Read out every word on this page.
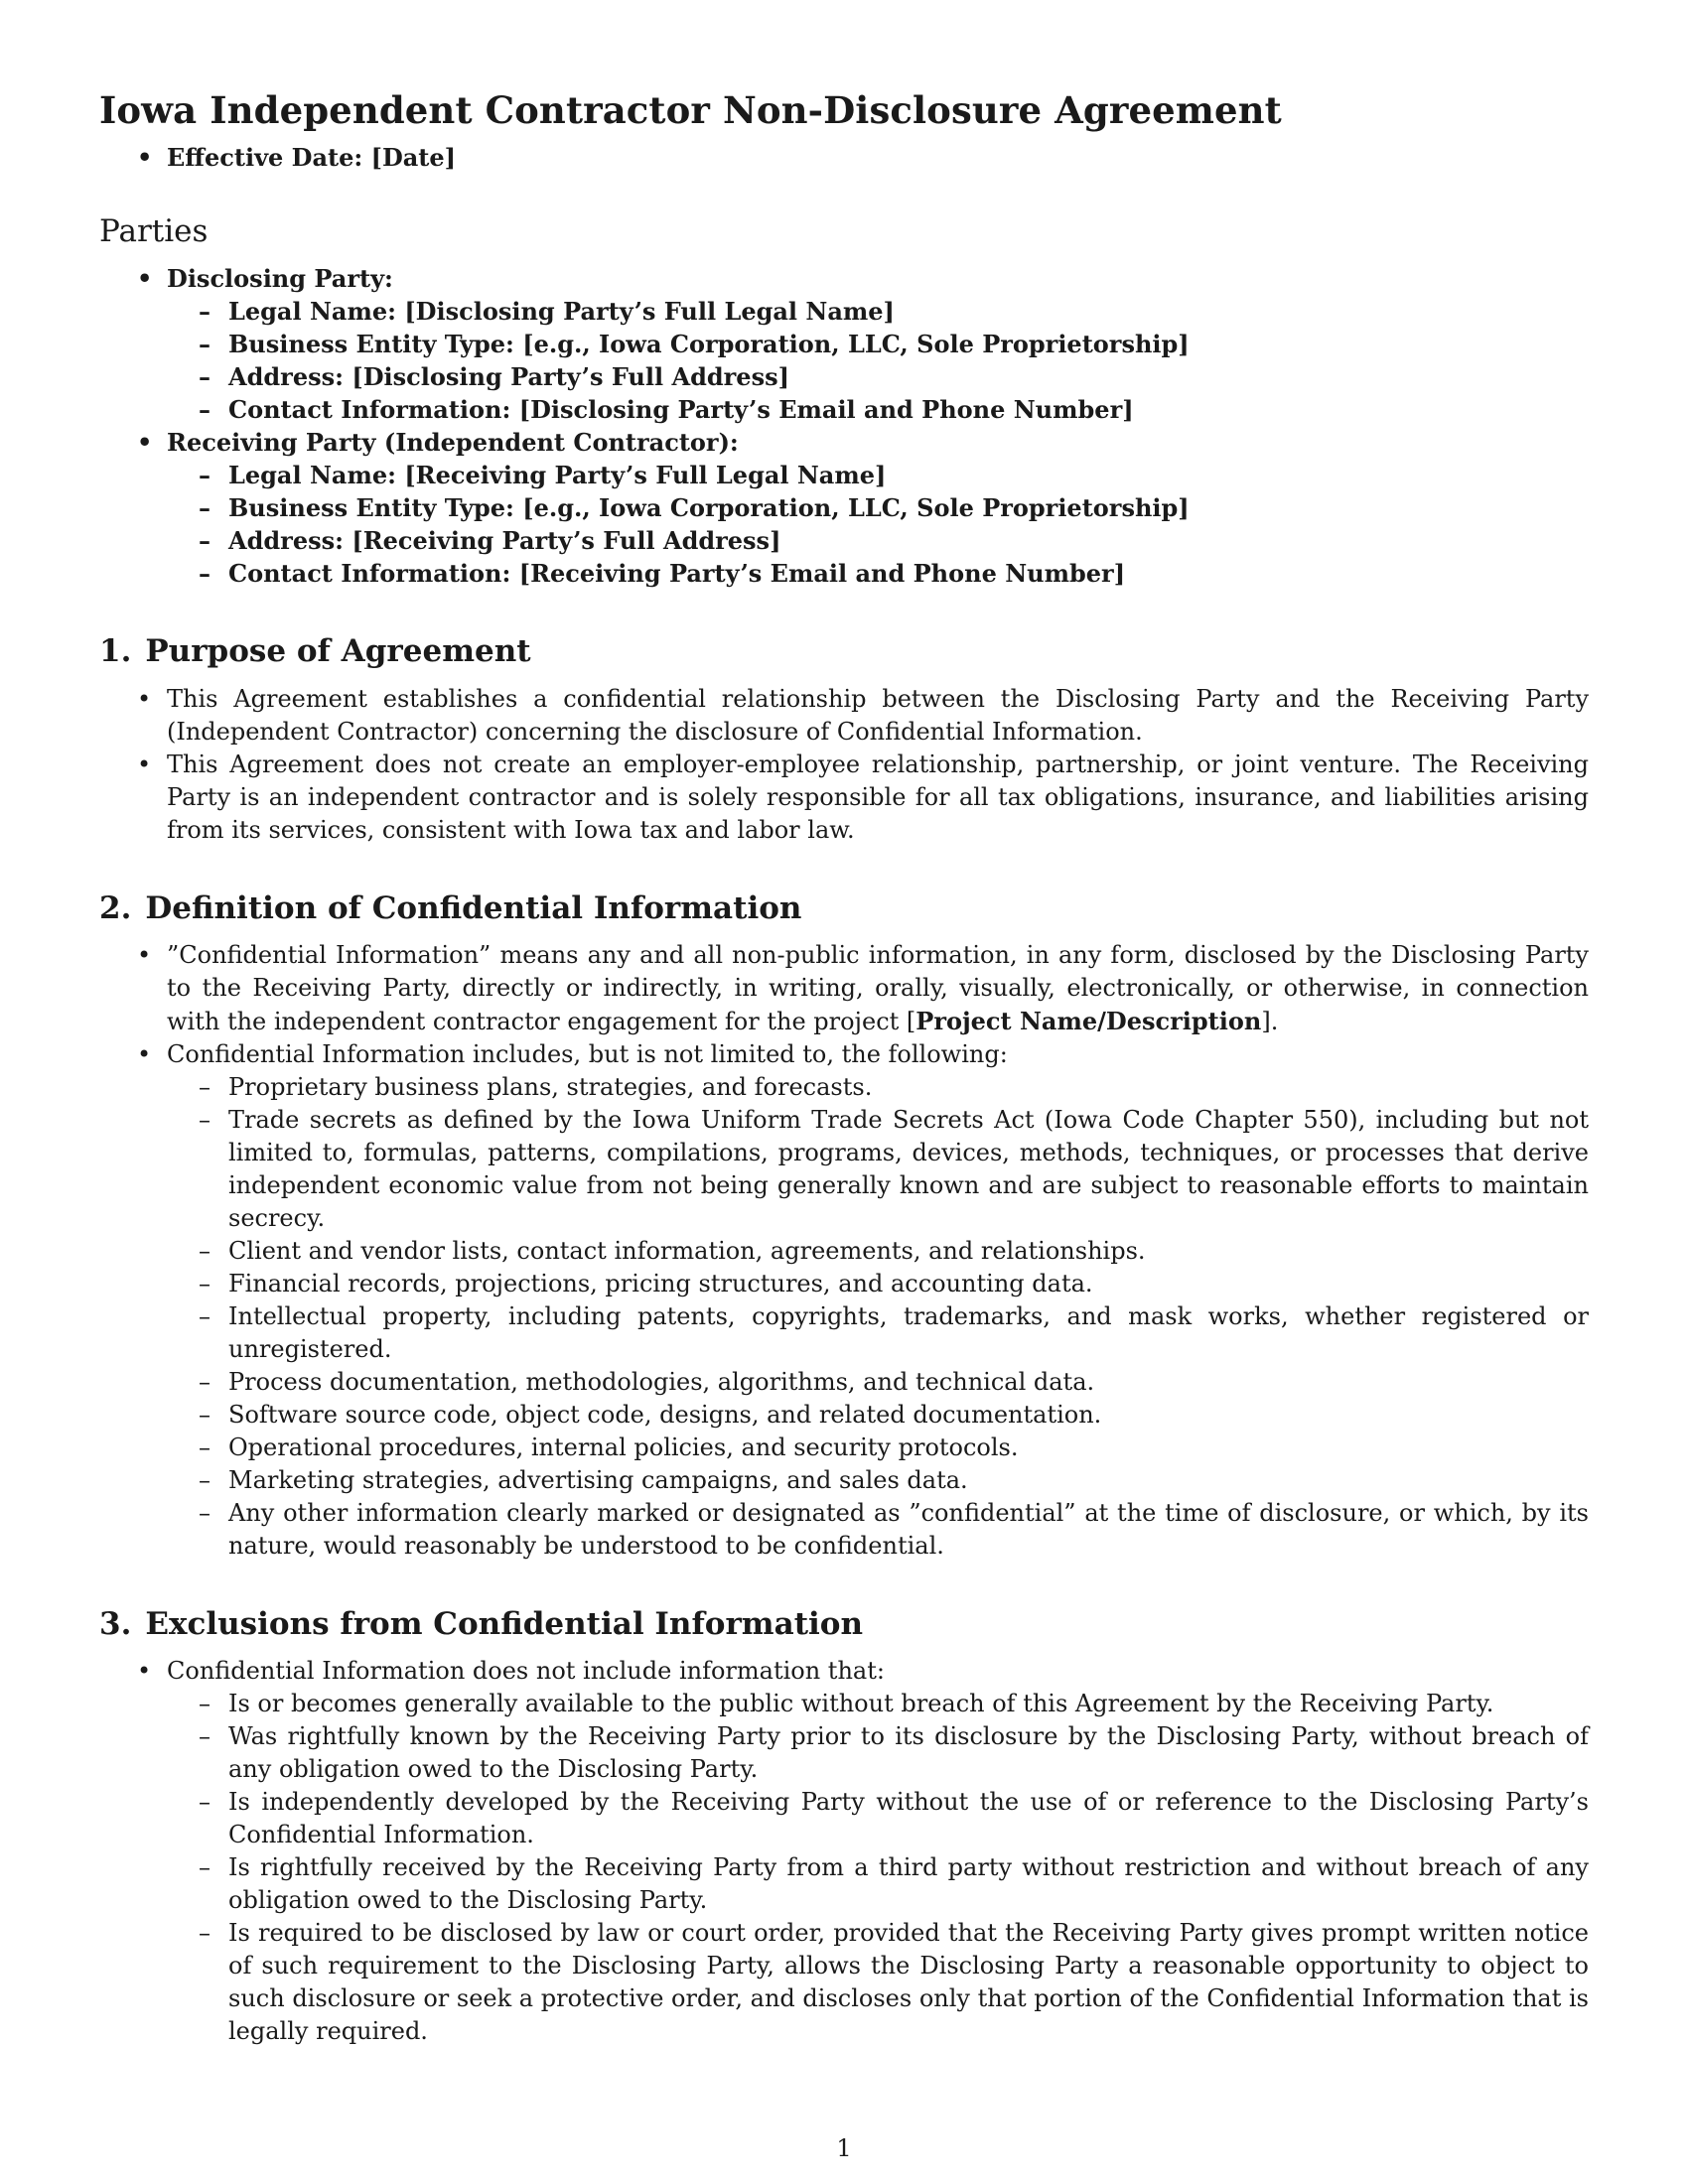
Iowa Independent Contractor Non-Disclosure Agreement
• Effective Date: [Date]
Parties
• Disclosing Party:
– Legal Name: [Disclosing Party’s Full Legal Name]
– Business Entity Type: [e.g., Iowa Corporation, LLC, Sole Proprietorship]
– Address: [Disclosing Party’s Full Address]
– Contact Information: [Disclosing Party’s Email and Phone Number]
• Receiving Party (Independent Contractor):
– Legal Name: [Receiving Party’s Full Legal Name]
– Business Entity Type: [e.g., Iowa Corporation, LLC, Sole Proprietorship]
– Address: [Receiving Party’s Full Address]
– Contact Information: [Receiving Party’s Email and Phone Number]
1. Purpose of Agreement
• This Agreement establishes a confidential relationship between the Disclosing Party and the Receiving Party (Independent Contractor) concerning the disclosure of Confidential Information.
• This Agreement does not create an employer-employee relationship, partnership, or joint venture. The Receiving Party is an independent contractor and is solely responsible for all tax obligations, insurance, and liabilities arising from its services, consistent with Iowa tax and labor law.
2. Definition of Confidential Information
• ”Confidential Information” means any and all non-public information, in any form, disclosed by the Disclosing Party to the Receiving Party, directly or indirectly, in writing, orally, visually, electronically, or otherwise, in connection with the independent contractor engagement for the project [Project Name/Description].
• Confidential Information includes, but is not limited to, the following:
– Proprietary business plans, strategies, and forecasts.
– Trade secrets as defined by the Iowa Uniform Trade Secrets Act (Iowa Code Chapter 550), including but not limited to, formulas, patterns, compilations, programs, devices, methods, techniques, or processes that derive independent economic value from not being generally known and are subject to reasonable efforts to maintain secrecy.
– Client and vendor lists, contact information, agreements, and relationships.
– Financial records, projections, pricing structures, and accounting data.
– Intellectual property, including patents, copyrights, trademarks, and mask works, whether registered or unregistered.
– Process documentation, methodologies, algorithms, and technical data.
– Software source code, object code, designs, and related documentation.
– Operational procedures, internal policies, and security protocols.
– Marketing strategies, advertising campaigns, and sales data.
– Any other information clearly marked or designated as ”confidential” at the time of disclosure, or which, by its nature, would reasonably be understood to be confidential.
3. Exclusions from Confidential Information
• Confidential Information does not include information that:
– Is or becomes generally available to the public without breach of this Agreement by the Receiving Party.
– Was rightfully known by the Receiving Party prior to its disclosure by the Disclosing Party, without breach of any obligation owed to the Disclosing Party.
– Is independently developed by the Receiving Party without the use of or reference to the Disclosing Party’s Confidential Information.
– Is rightfully received by the Receiving Party from a third party without restriction and without breach of any obligation owed to the Disclosing Party.
– Is required to be disclosed by law or court order, provided that the Receiving Party gives prompt written notice of such requirement to the Disclosing Party, allows the Disclosing Party a reasonable opportunity to object to such disclosure or seek a protective order, and discloses only that portion of the Confidential Information that is legally required.
1
